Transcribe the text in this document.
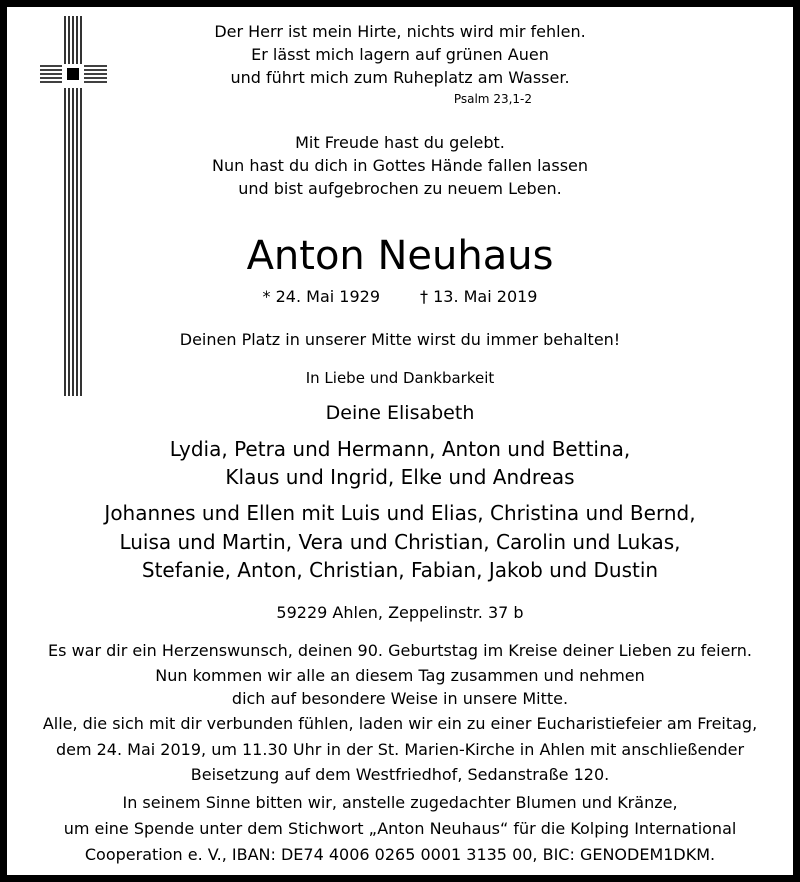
Der Herr ist mein Hirte, nichts wird mir fehlen.
Er lässt mich lagern auf grünen Auen
und führt mich zum Ruheplatz am Wasser.
Psalm 23,1-2
Mit Freude hast du gelebt.
Nun hast du dich in Gottes Hände fallen lassen
und bist aufgebrochen zu neuem Leben.
Anton Neuhaus
* 24. Mai 1929	† 13. Mai 2019
Deinen Platz in unserer Mitte wirst du immer behalten!
In Liebe und Dankbarkeit
Deine Elisabeth
Lydia, Petra und Hermann, Anton und Bettina,
Klaus und Ingrid, Elke und Andreas
Johannes und Ellen mit Luis und Elias, Christina und Bernd,
Luisa und Martin, Vera und Christian, Carolin und Lukas,
Stefanie, Anton, Christian, Fabian, Jakob und Dustin
59229 Ahlen, Zeppelinstr. 37 b
Es war dir ein Herzenswunsch, deinen 90. Geburtstag im Kreise deiner Lieben zu feiern.
Nun kommen wir alle an diesem Tag zusammen und nehmen
dich auf besondere Weise in unsere Mitte.
Alle, die sich mit dir verbunden fühlen, laden wir ein zu einer Eucharistiefeier am Freitag,
dem 24. Mai 2019, um 11.30 Uhr in der St. Marien-Kirche in Ahlen mit anschließender
Beisetzung auf dem Westfriedhof, Sedanstraße 120.
In seinem Sinne bitten wir, anstelle zugedachter Blumen und Kränze,
um eine Spende unter dem Stichwort „Anton Neuhaus“ für die Kolping International
Cooperation e. V., IBAN: DE74 4006 0265 0001 3135 00, BIC: GENODEM1DKM.
